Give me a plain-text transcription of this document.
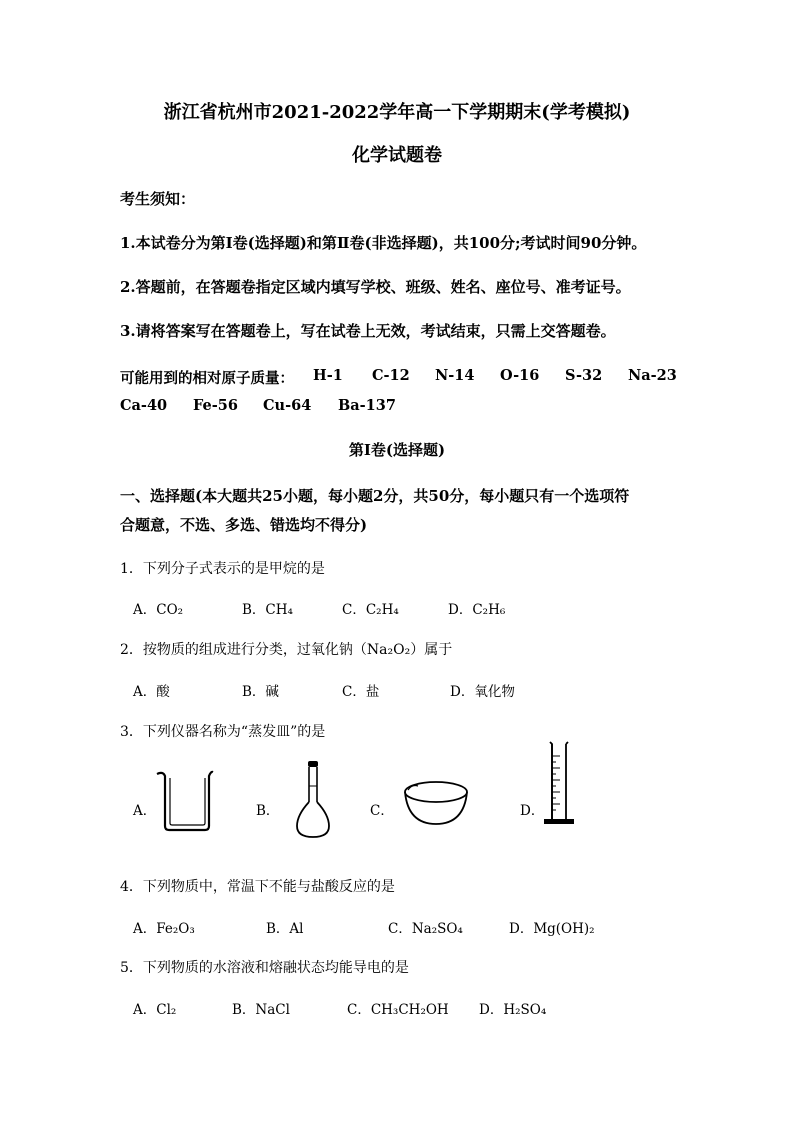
浙江省杭州市2021-2022学年高一下学期期末(学考模拟)
化学试题卷
考生须知：
1.本试卷分为第Ⅰ卷(选择题)和第Ⅱ卷(非选择题)，共100分;考试时间90分钟。
2.答题前，在答题卷指定区域内填写学校、班级、姓名、座位号、准考证号。
3.请将答案写在答题卷上，写在试卷上无效，考试结束，只需上交答题卷。
可能用到的相对原子质量： H-1 C-12 N-14 O-16 S-32 Na-23
Ca-40 Fe-56 Cu-64 Ba-137
第Ⅰ卷(选择题)
一、选择题(本大题共25小题，每小题2分，共50分，每小题只有一个选项符
合题意，不选、多选、错选均不得分)
1．下列分子式表示的是甲烷的是
A．CO₂	B．CH₄	C．C₂H₄	D．C₂H₆
2．按物质的组成进行分类，过氧化钠（Na₂O₂）属于
A．酸	B．碱	C．盐	D．氧化物
3．下列仪器名称为“蒸发皿”的是
A．	B．	C．	D．
4．下列物质中，常温下不能与盐酸反应的是
A．Fe₂O₃	B．Al	C．Na₂SO₄	D．Mg(OH)₂
5．下列物质的水溶液和熔融状态均能导电的是
A．Cl₂	B．NaCl	C．CH₃CH₂OH D．H₂SO₄
